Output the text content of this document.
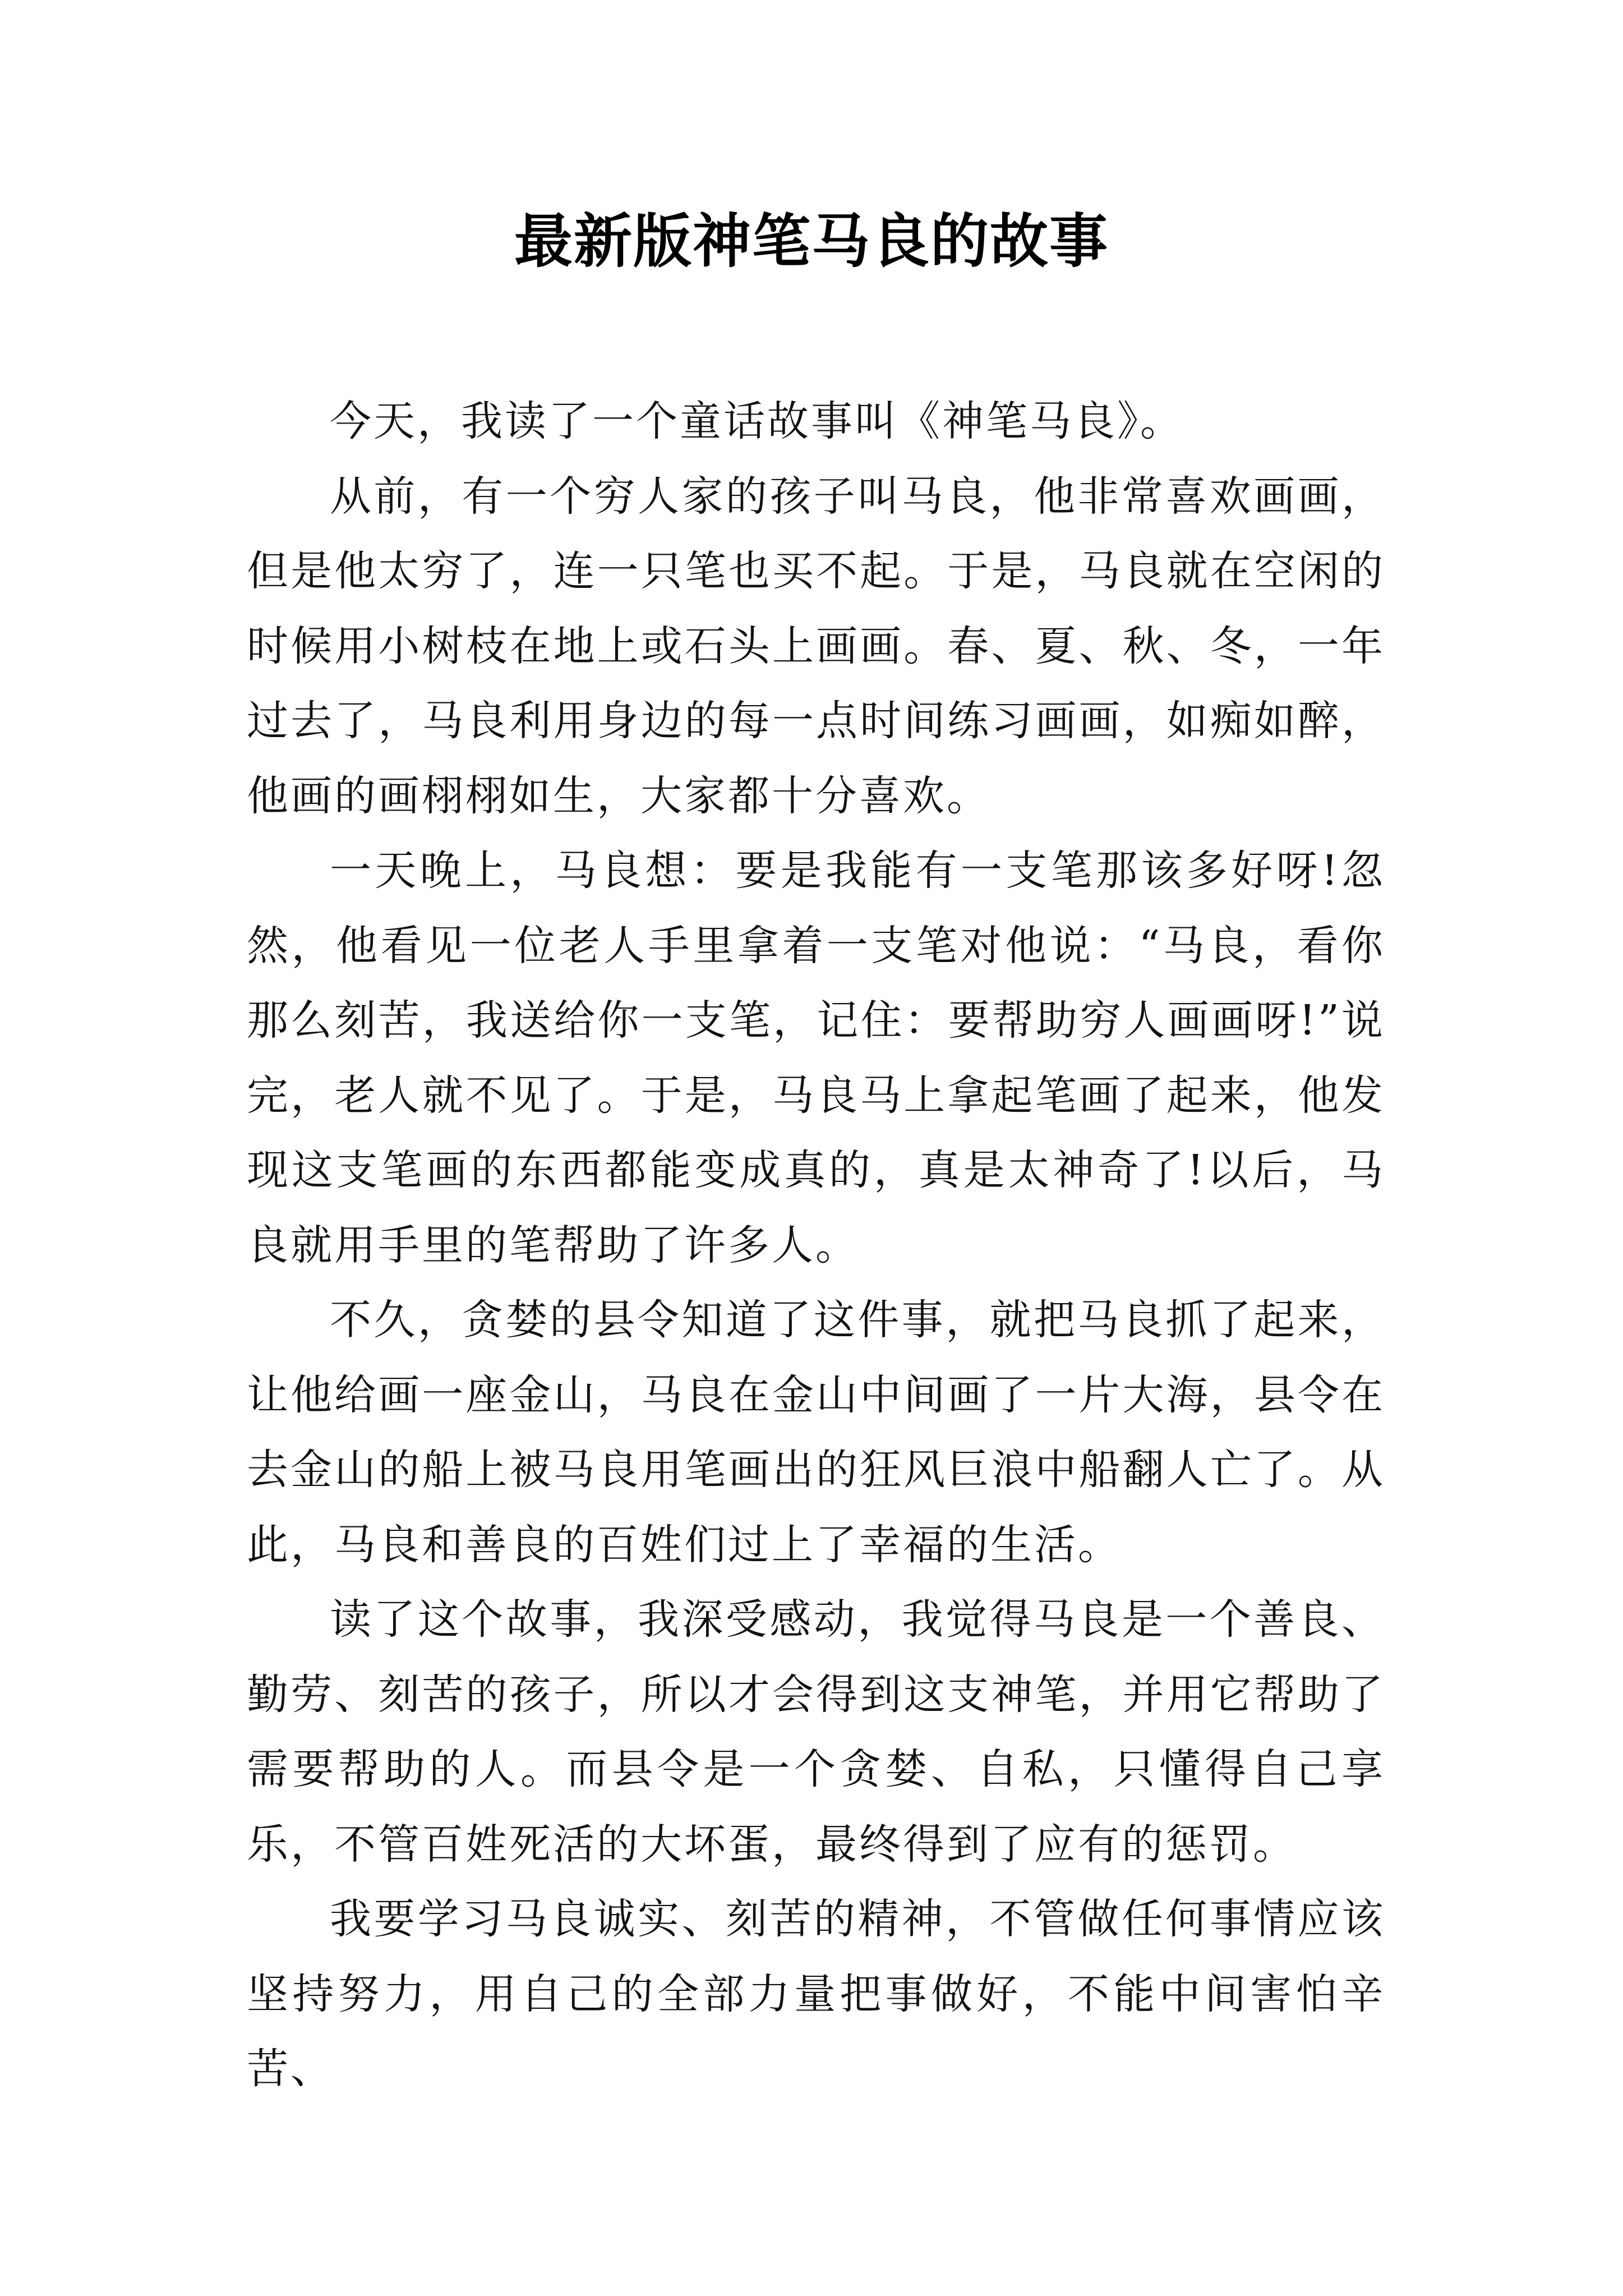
最新版神笔马良的故事

今天，我读了一个童话故事叫《神笔马良》。

从前，有一个穷人家的孩子叫马良，他非常喜欢画画，但是他太穷了，连一只笔也买不起。于是，马良就在空闲的时候用小树枝在地上或石头上画画。春、夏、秋、冬，一年过去了，马良利用身边的每一点时间练习画画，如痴如醉，他画的画栩栩如生，大家都十分喜欢。

一天晚上，马良想：要是我能有一支笔那该多好呀!忽然，他看见一位老人手里拿着一支笔对他说：“马良，看你那么刻苦，我送给你一支笔，记住：要帮助穷人画画呀!”说完，老人就不见了。于是，马良马上拿起笔画了起来，他发现这支笔画的东西都能变成真的，真是太神奇了!以后，马良就用手里的笔帮助了许多人。

不久，贪婪的县令知道了这件事，就把马良抓了起来，让他给画一座金山，马良在金山中间画了一片大海，县令在去金山的船上被马良用笔画出的狂风巨浪中船翻人亡了。从此，马良和善良的百姓们过上了幸福的生活。

读了这个故事，我深受感动，我觉得马良是一个善良、勤劳、刻苦的孩子，所以才会得到这支神笔，并用它帮助了需要帮助的人。而县令是一个贪婪、自私，只懂得自己享乐，不管百姓死活的大坏蛋，最终得到了应有的惩罚。

我要学习马良诚实、刻苦的精神，不管做任何事情应该坚持努力，用自己的全部力量把事做好，不能中间害怕辛苦、
